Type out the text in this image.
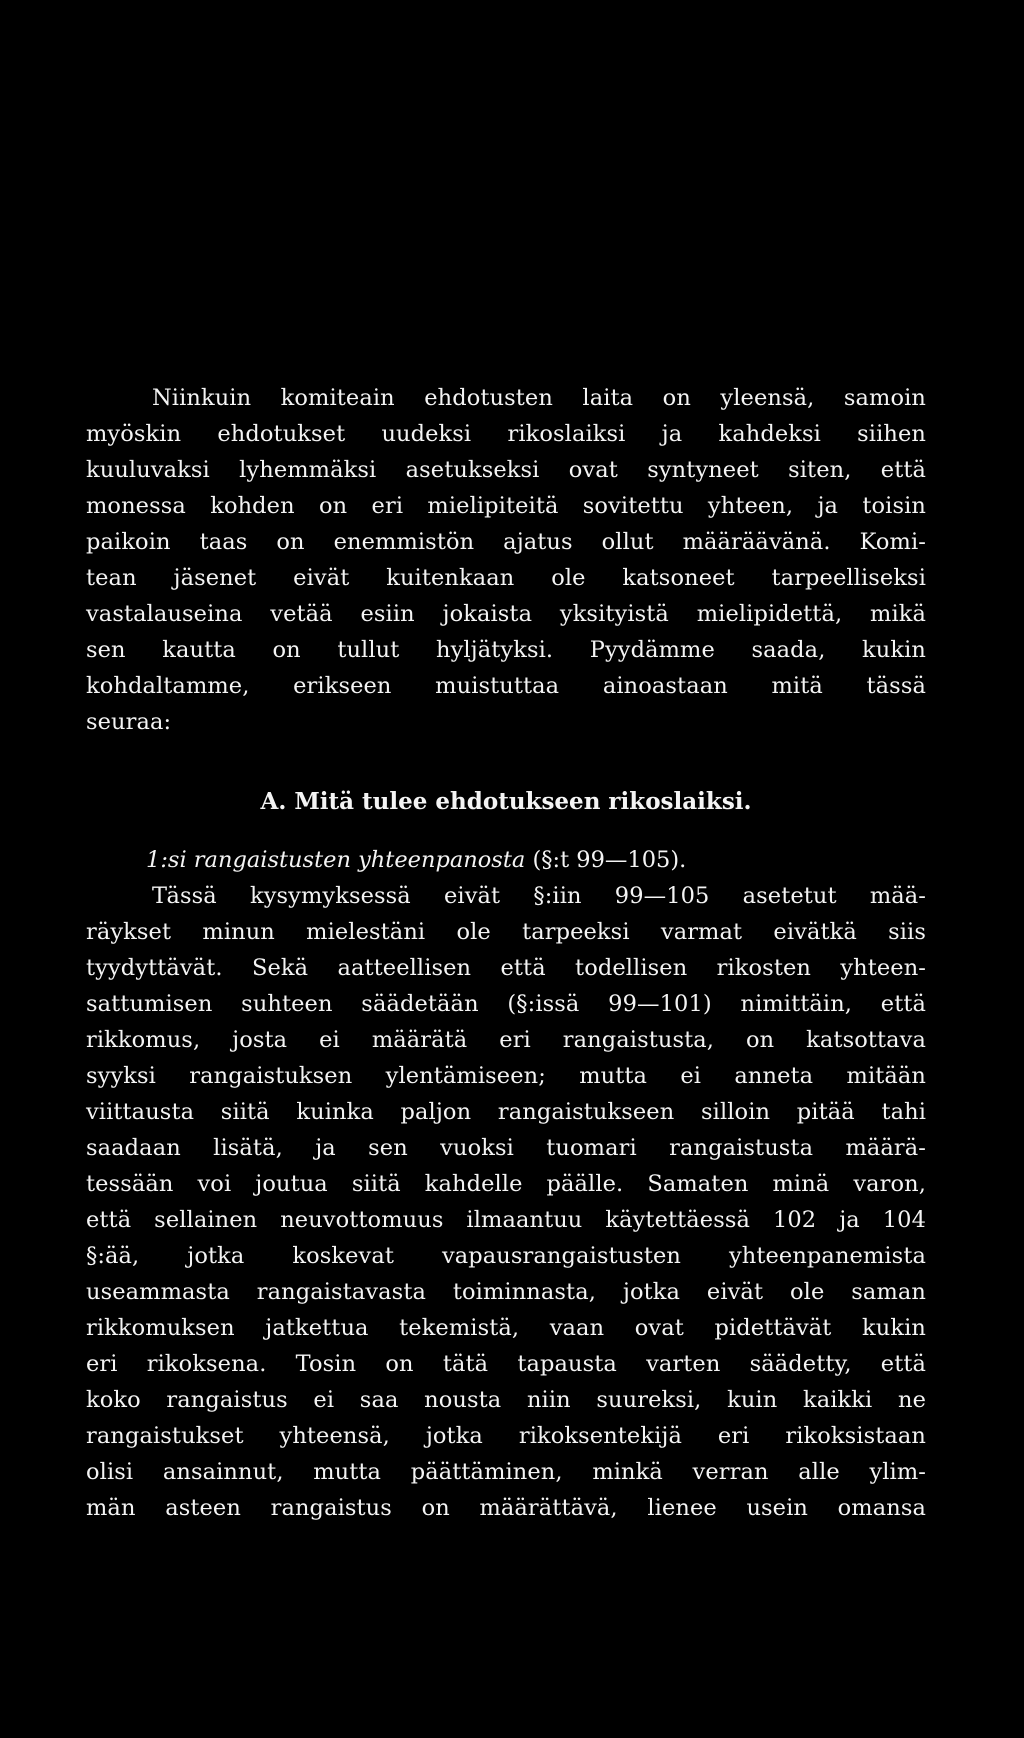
Niinkuin komiteain ehdotusten laita on yleensä, samoin
myöskin ehdotukset uudeksi rikoslaiksi ja kahdeksi siihen
kuuluvaksi lyhemmäksi asetukseksi ovat syntyneet siten, että
monessa kohden on eri mielipiteitä sovitettu yhteen, ja toisin
paikoin taas on enemmistön ajatus ollut määräävänä. Komi-
tean jäsenet eivät kuitenkaan ole katsoneet tarpeelliseksi
vastalauseina vetää esiin jokaista yksityistä mielipidettä, mikä
sen kautta on tullut hyljätyksi. Pyydämme saada, kukin
kohdaltamme, erikseen muistuttaa ainoastaan mitä tässä
seuraa:
A. Mitä tulee ehdotukseen rikoslaiksi.
1:si rangaistusten yhteenpanosta (§:t 99—105).
Tässä kysymyksessä eivät §:iin 99—105 asetetut mää-
räykset minun mielestäni ole tarpeeksi varmat eivätkä siis
tyydyttävät. Sekä aatteellisen että todellisen rikosten yhteen-
sattumisen suhteen säädetään (§:issä 99—101) nimittäin, että
rikkomus, josta ei määrätä eri rangaistusta, on katsottava
syyksi rangaistuksen ylentämiseen; mutta ei anneta mitään
viittausta siitä kuinka paljon rangaistukseen silloin pitää tahi
saadaan lisätä, ja sen vuoksi tuomari rangaistusta määrä-
tessään voi joutua siitä kahdelle päälle. Samaten minä varon,
että sellainen neuvottomuus ilmaantuu käytettäessä 102 ja 104
§:ää, jotka koskevat vapausrangaistusten yhteenpanemista
useammasta rangaistavasta toiminnasta, jotka eivät ole saman
rikkomuksen jatkettua tekemistä, vaan ovat pidettävät kukin
eri rikoksena. Tosin on tätä tapausta varten säädetty, että
koko rangaistus ei saa nousta niin suureksi, kuin kaikki ne
rangaistukset yhteensä, jotka rikoksentekijä eri rikoksistaan
olisi ansainnut, mutta päättäminen, minkä verran alle ylim-
män asteen rangaistus on määrättävä, lienee usein omansa
